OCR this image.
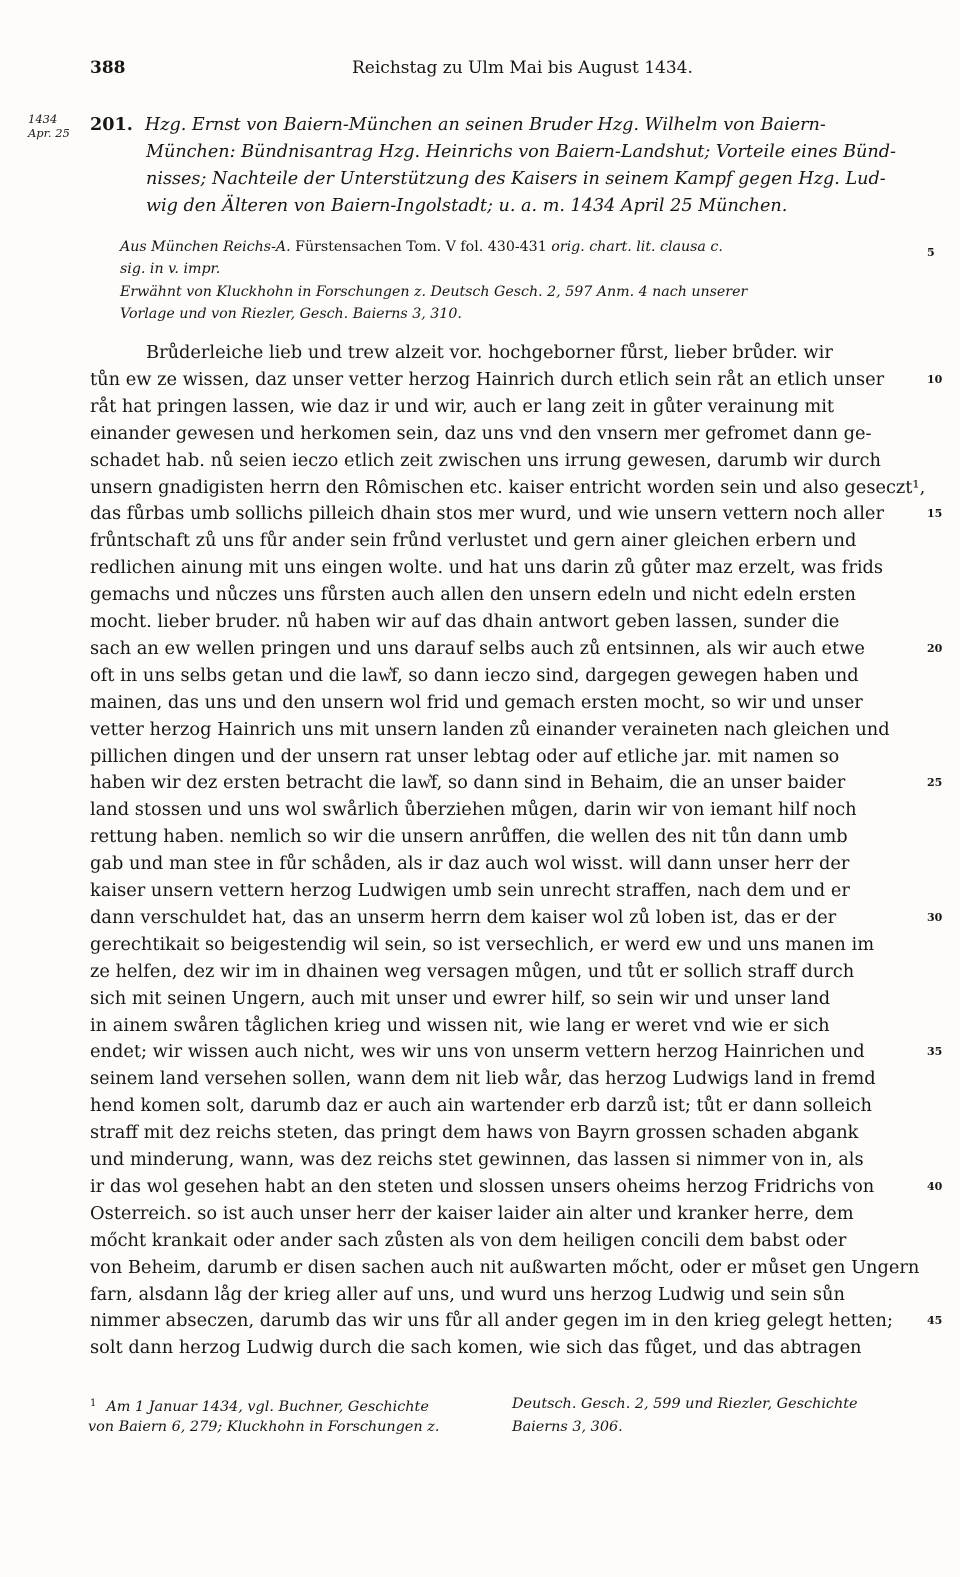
388	Reichstag zu Ulm Mai bis August 1434.
1434
Apr. 25 201. Hzg. Ernst von Baiern-München an seinen Bruder Hzg. Wilhelm von Baiern-
München: Bündnisantrag Hzg. Heinrichs von Baiern-Landshut; Vorteile eines Bünd-
nisses; Nachteile der Unterstützung des Kaisers in seinem Kampf gegen Hzg. Lud-
wig den Älteren von Baiern-Ingolstadt; u. a. m. 1434 April 25 München.
Aus München Reichs-A. Fürstensachen Tom. V fol. 430-431 orig. chart. lit. clausa c.
sig. in v. impr.
Erwähnt von Kluckhohn in Forschungen z. Deutsch Gesch. 2, 597 Anm. 4 nach unserer
Vorlage und von Riezler, Gesch. Baierns 3, 310.
Brůderleiche lieb und trew alzeit vor. hochgeborner fůrst, lieber brůder. wir
tůn ew ze wissen, daz unser vetter herzog Hainrich durch etlich sein råt an etlich unser
råt hat pringen lassen, wie daz ir und wir, auch er lang zeit in gůter verainung mit
einander gewesen und herkomen sein, daz uns vnd den vnsern mer gefromet dann ge-
schadet hab. nů seien ieczo etlich zeit zwischen uns irrung gewesen, darumb wir durch
unsern gnadigisten herrn den Rômischen etc. kaiser entricht worden sein und also geseczt¹,
das fůrbas umb sollichs pilleich dhain stos mer wurd, und wie unsern vettern noch aller
frůntschaft zů uns fůr ander sein frůnd verlustet und gern ainer gleichen erbern und
redlichen ainung mit uns eingen wolte. und hat uns darin zů gůter maz erzelt, was frids
gemachs und nůczes uns fůrsten auch allen den unsern edeln und nicht edeln ersten
mocht. lieber bruder. nů haben wir auf das dhain antwort geben lassen, sunder die
sach an ew wellen pringen und uns darauf selbs auch zů entsinnen, als wir auch etwe
oft in uns selbs getan und die law͛f, so dann ieczo sind, dargegen gewegen haben und
mainen, das uns und den unsern wol frid und gemach ersten mocht, so wir und unser
vetter herzog Hainrich uns mit unsern landen zů einander veraineten nach gleichen und
pillichen dingen und der unsern rat unser lebtag oder auf etliche jar. mit namen so
haben wir dez ersten betracht die law͛f, so dann sind in Behaim, die an unser baider
land stossen und uns wol swårlich ůberziehen můgen, darin wir von iemant hilf noch
rettung haben. nemlich so wir die unsern anrůffen, die wellen des nit tůn dann umb
gab und man stee in fůr schåden, als ir daz auch wol wisst. will dann unser herr der
kaiser unsern vettern herzog Ludwigen umb sein unrecht straffen, nach dem und er
dann verschuldet hat, das an unserm herrn dem kaiser wol zů loben ist, das er der
gerechtikait so beigestendig wil sein, so ist versechlich, er werd ew und uns manen im
ze helfen, dez wir im in dhainen weg versagen můgen, und tůt er sollich straff durch
sich mit seinen Ungern, auch mit unser und ewrer hilf, so sein wir und unser land
in ainem swåren tåglichen krieg und wissen nit, wie lang er weret vnd wie er sich
endet; wir wissen auch nicht, wes wir uns von unserm vettern herzog Hainrichen und
seinem land versehen sollen, wann dem nit lieb wår, das herzog Ludwigs land in fremd
hend komen solt, darumb daz er auch ain wartender erb darzů ist; tůt er dann solleich
straff mit dez reichs steten, das pringt dem haws von Bayrn grossen schaden abgank
und minderung, wann, was dez reichs stet gewinnen, das lassen si nimmer von in, als
ir das wol gesehen habt an den steten und slossen unsers oheims herzog Fridrichs von
Osterreich. so ist auch unser herr der kaiser laider ain alter und kranker herre, dem
mőcht krankait oder ander sach zůsten als von dem heiligen concili dem babst oder
von Beheim, darumb er disen sachen auch nit außwarten mőcht, oder er můset gen Ungern
farn, alsdann låg der krieg aller auf uns, und wurd uns herzog Ludwig und sein sůn
nimmer abseczen, darumb das wir uns fůr all ander gegen im in den krieg gelegt hetten;
solt dann herzog Ludwig durch die sach komen, wie sich das fůget, und das abtragen
5
10
15
20
25
30
35
40
45
$^1$ Am 1 Januar 1434, vgl. Buchner, Geschichte
von Baiern 6, 279; Kluckhohn in Forschungen z.
Deutsch. Gesch. 2, 599 und Riezler, Geschichte
Baierns 3, 306.
